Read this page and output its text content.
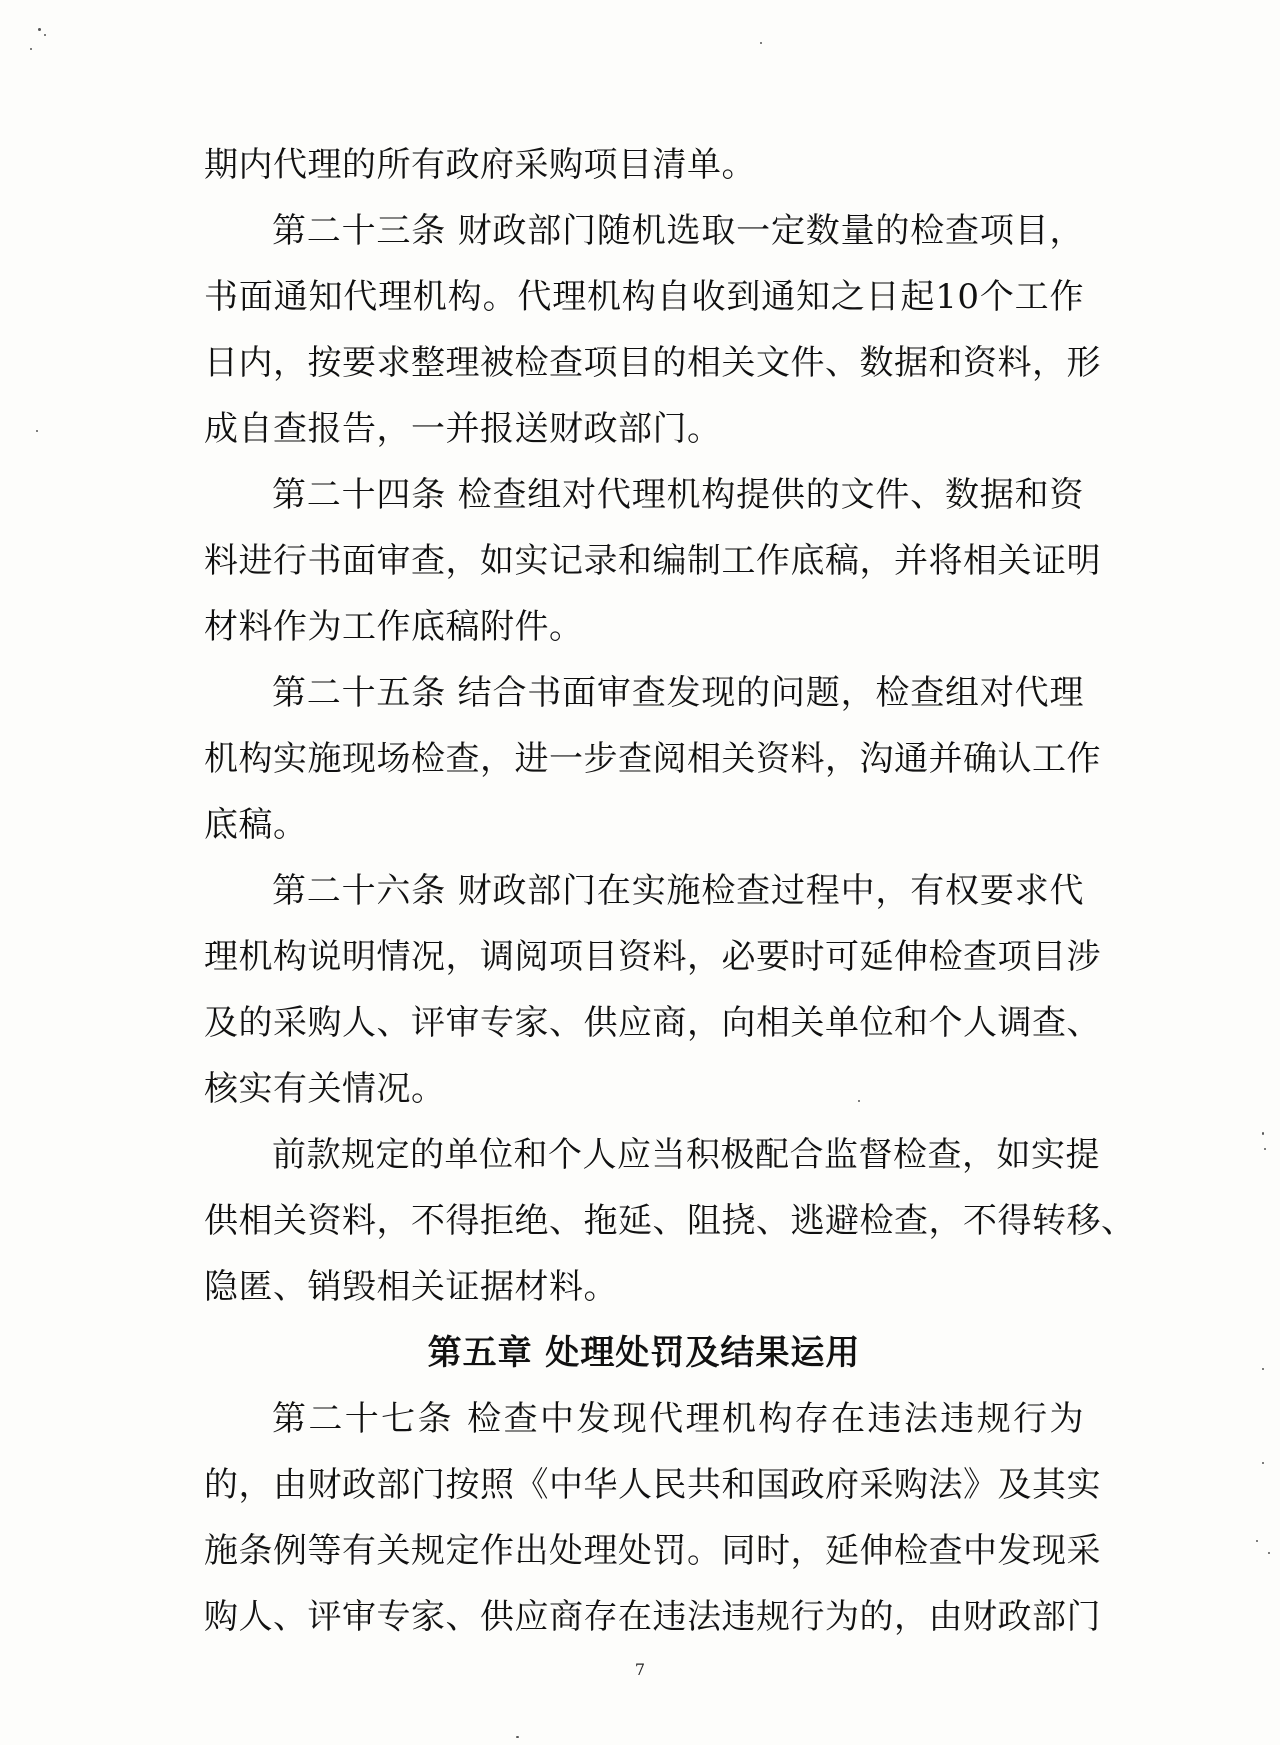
期内代理的所有政府采购项目清单。
第二十三条 财政部门随机选取一定数量的检查项目，
书面通知代理机构。代理机构自收到通知之日起10个工作
日内，按要求整理被检查项目的相关文件、数据和资料，形
成自查报告，一并报送财政部门。
第二十四条 检查组对代理机构提供的文件、数据和资
料进行书面审查，如实记录和编制工作底稿，并将相关证明
材料作为工作底稿附件。
第二十五条 结合书面审查发现的问题，检查组对代理
机构实施现场检查，进一步查阅相关资料，沟通并确认工作
底稿。
第二十六条 财政部门在实施检查过程中，有权要求代
理机构说明情况，调阅项目资料，必要时可延伸检查项目涉
及的采购人、评审专家、供应商，向相关单位和个人调查、
核实有关情况。
前款规定的单位和个人应当积极配合监督检查，如实提
供相关资料，不得拒绝、拖延、阻挠、逃避检查，不得转移、
隐匿、销毁相关证据材料。
第五章 处理处罚及结果运用
第二十七条 检查中发现代理机构存在违法违规行为
的，由财政部门按照《中华人民共和国政府采购法》及其实
施条例等有关规定作出处理处罚。同时，延伸检查中发现采
购人、评审专家、供应商存在违法违规行为的，由财政部门
7
